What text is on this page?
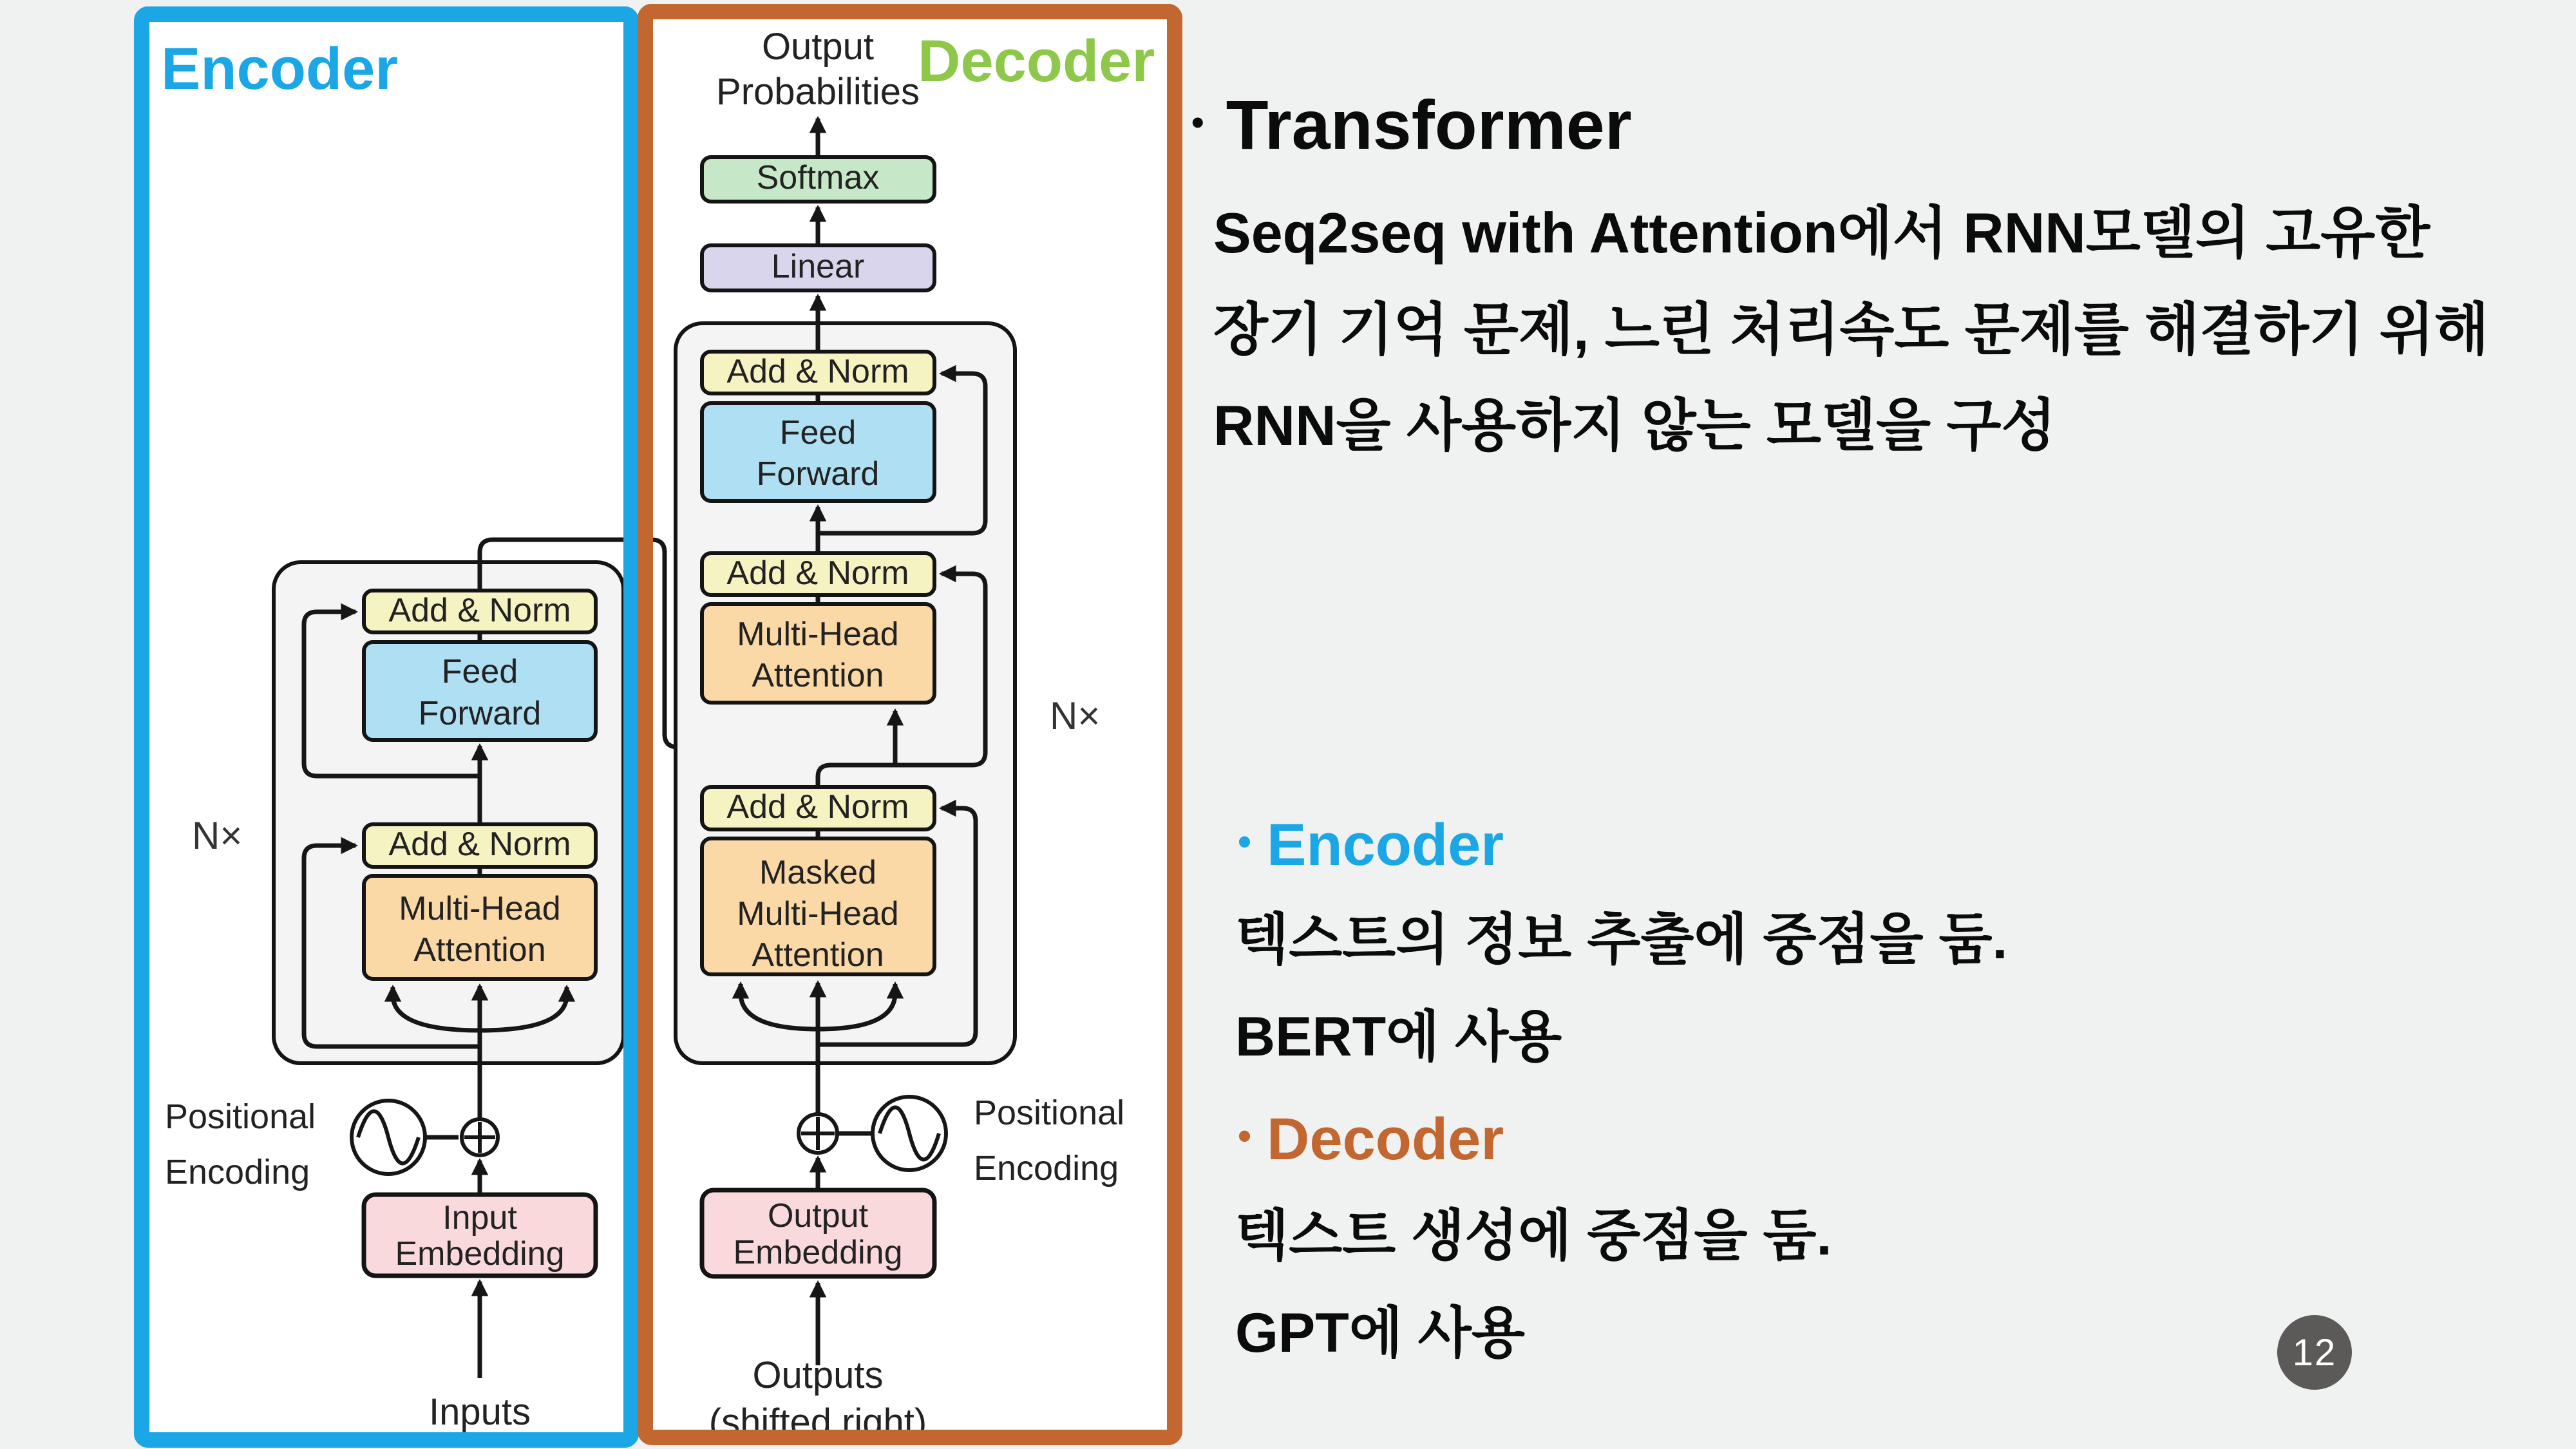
Add & Norm
Feed
Forward
Add & Norm
Multi-Head
Attention
N×
Positional
Encoding
Input
Embedding
Inputs
Softmax
Linear
Add & Norm
Feed
Forward
Add & Norm
Multi-Head
Attention
Add & Norm
Masked
Multi-Head
Attention
N×
Positional
Encoding
Output
Embedding
Output
Probabilities
Outputs
(shifted right)
Encoder	Decoder
• Transformer
Seq2seq with Attention에서 RNN모델의 고유한
장기 기억 문제, 느린 처리속도 문제를 해결하기 위해
RNN을 사용하지 않는 모델을 구성
• Encoder
텍스트의 정보 추출에 중점을 둠.
BERT에 사용
• Decoder
텍스트 생성에 중점을 둠.
GPT에 사용	12
